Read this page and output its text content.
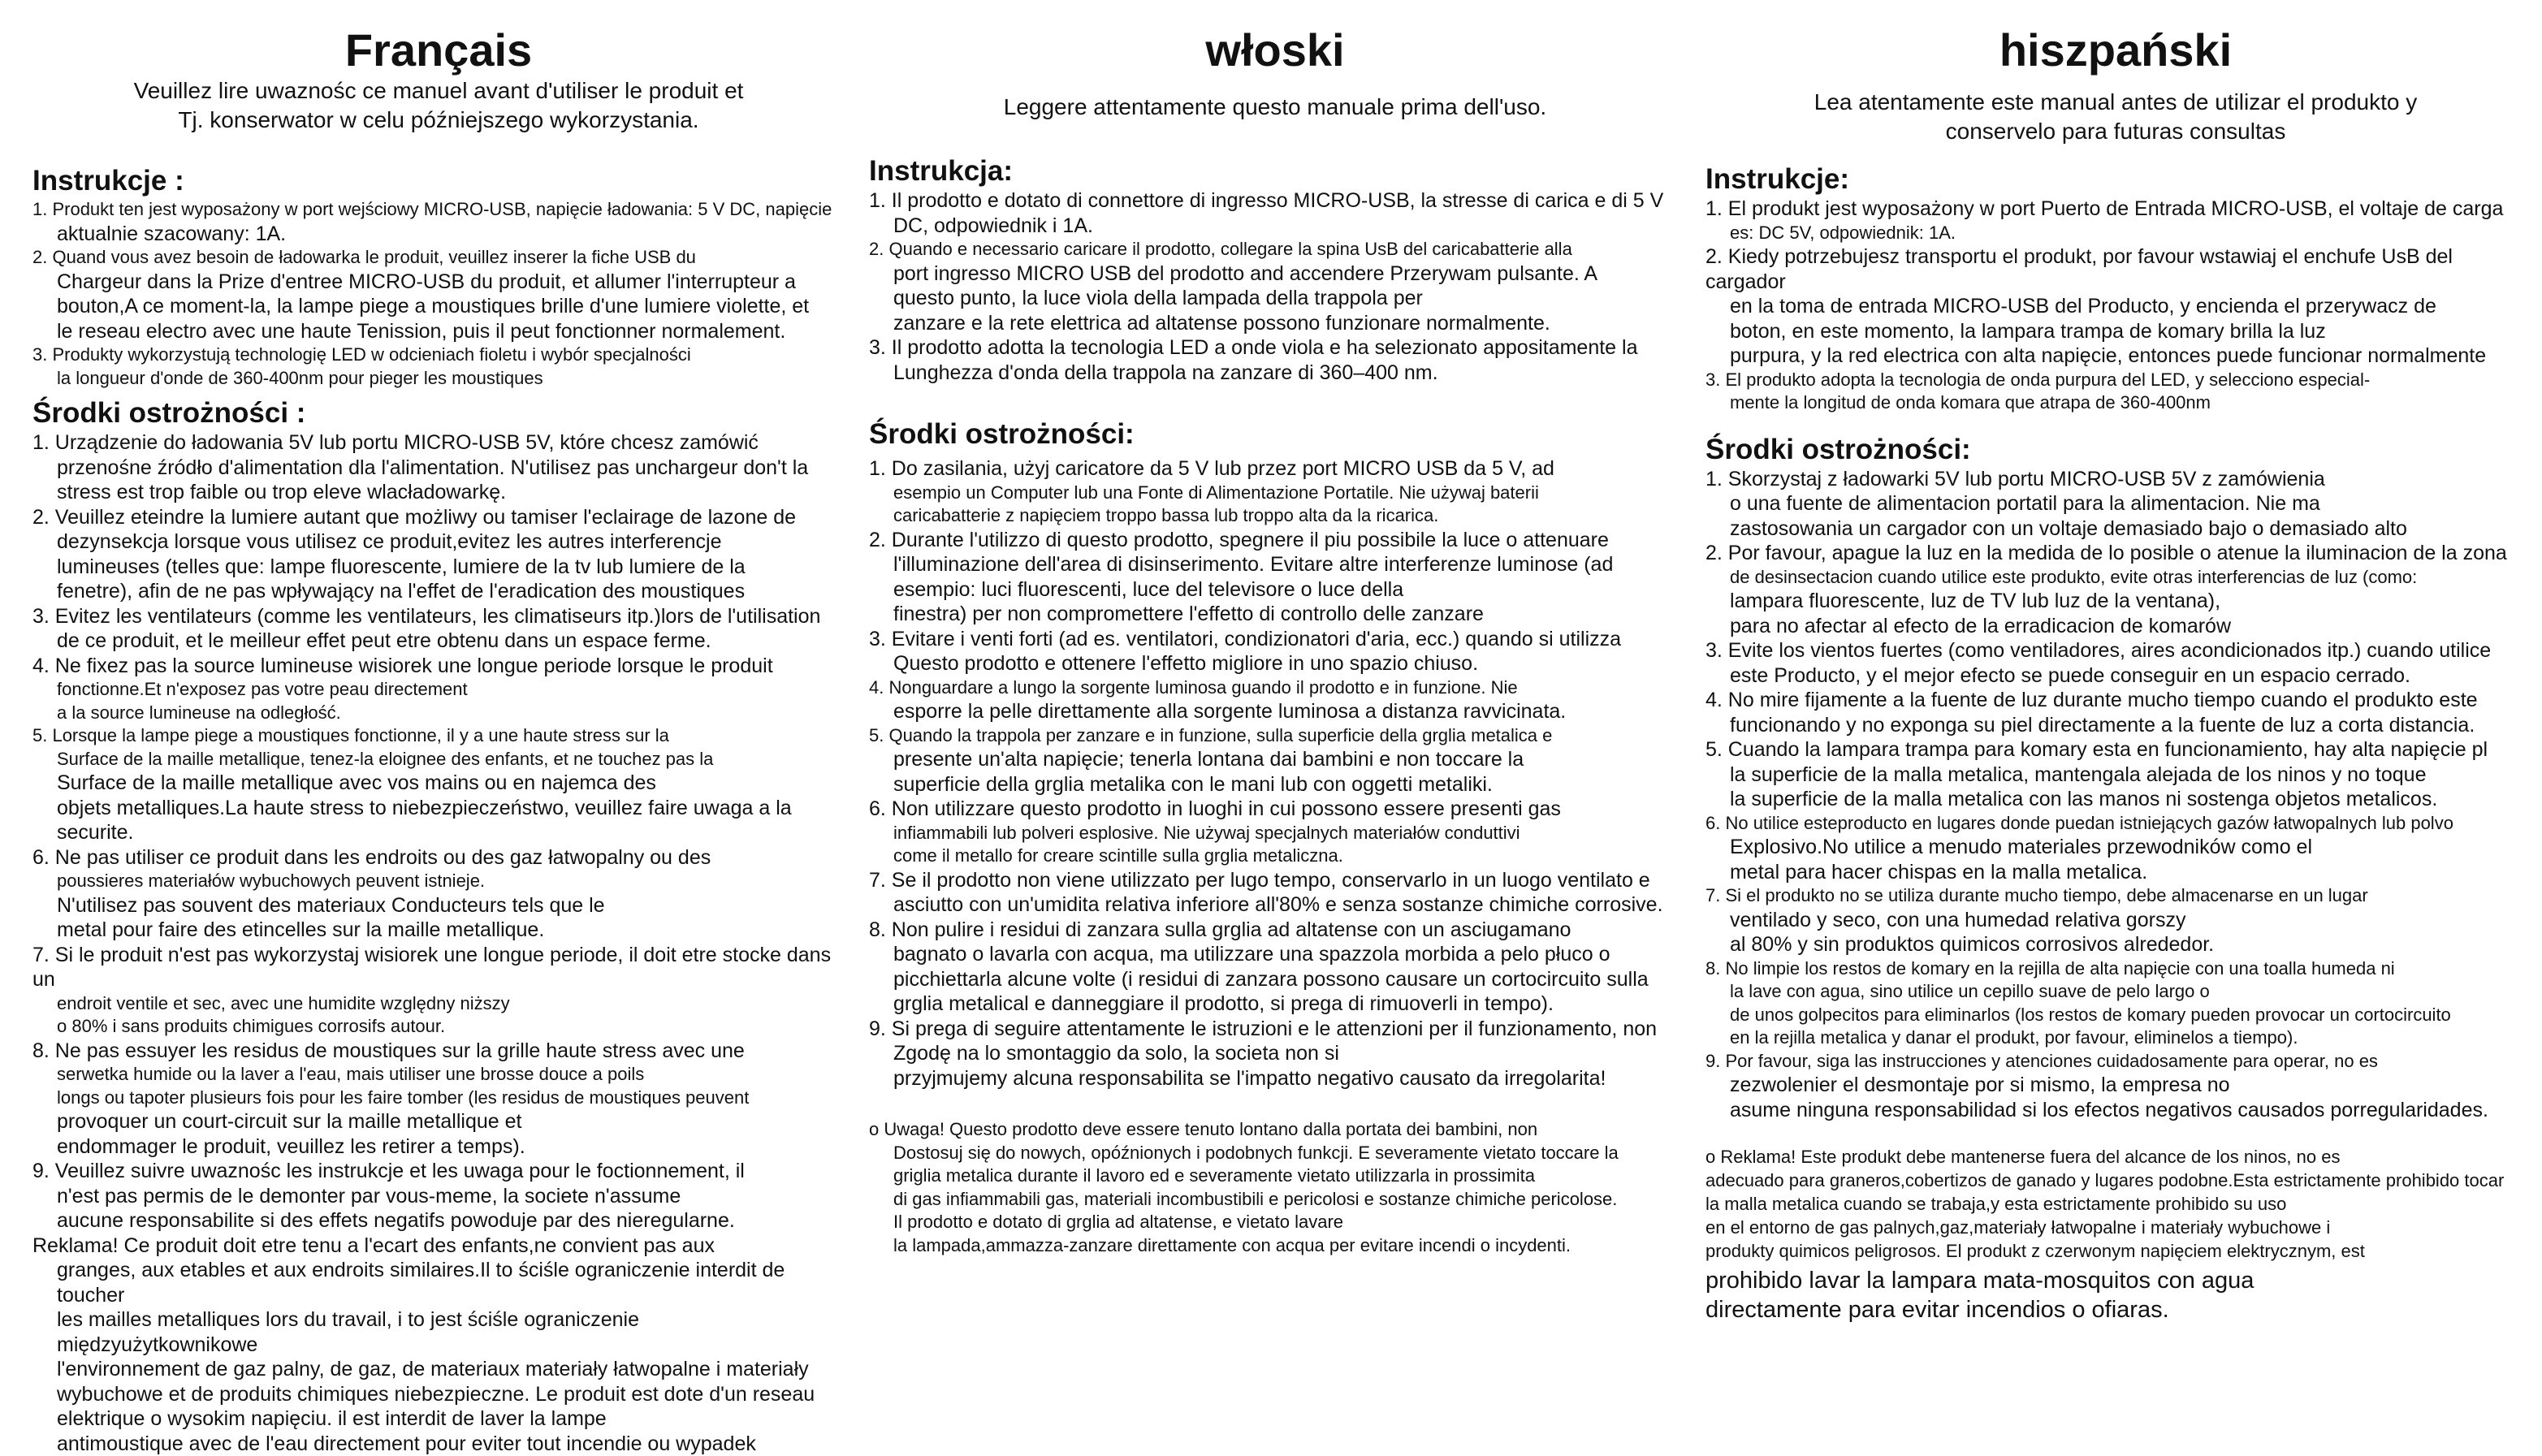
Français

Veuillez lire uwaznośc ce manuel avant d'utiliser le produit et

Tj. konserwator w celu późniejszego wykorzystania.

Instrukcje :

1. Produkt ten jest wyposażony w port wejściowy MICRO-USB, napięcie ładowania: 5 V DC, napięcie

aktualnie szacowany: 1A.

2. Quand vous avez besoin de ładowarka le produit, veuillez inserer la fiche USB du

Chargeur dans la Prize d'entree MICRO-USB du produit, et allumer l'interrupteur a

bouton,A ce moment-la, la lampe piege a moustiques brille d'une lumiere violette, et

le reseau electro avec une haute Tenission, puis il peut fonctionner normalement.

3. Produkty wykorzystują technologię LED w odcieniach fioletu i wybór specjalności

la longueur d'onde de 360-400nm pour pieger les moustiques

Środki ostrożności :

1. Urządzenie do ładowania 5V lub portu MICRO-USB 5V, które chcesz zamówić

przenośne źródło d'alimentation dla l'alimentation. N'utilisez pas unchargeur don't la

stress est trop faible ou trop eleve wlacładowarkę.

2. Veuillez eteindre la lumiere autant que możliwy ou tamiser l'eclairage de lazone de

dezynsekcja lorsque vous utilisez ce produit,evitez les autres interferencje

lumineuses (telles que: lampe fluorescente, lumiere de la tv lub lumiere de la

fenetre), afin de ne pas wpływający na l'effet de l'eradication des moustiques

3. Evitez les ventilateurs (comme les ventilateurs, les climatiseurs itp.)lors de l'utilisation

de ce produit, et le meilleur effet peut etre obtenu dans un espace ferme.

4. Ne fixez pas la source lumineuse wisiorek une longue periode lorsque le produit

fonctionne.Et n'exposez pas votre peau directement

a la source lumineuse na odległość.

5. Lorsque la lampe piege a moustiques fonctionne, il y a une haute stress sur la

Surface de la maille metallique, tenez-la eloignee des enfants, et ne touchez pas la

Surface de la maille metallique avec vos mains ou en najemca des

objets metalliques.La haute stress to niebezpieczeństwo, veuillez faire uwaga a la securite.

6. Ne pas utiliser ce produit dans les endroits ou des gaz łatwopalny ou des

poussieres materiałów wybuchowych peuvent istnieje.

N'utilisez pas souvent des materiaux Conducteurs tels que le

metal pour faire des etincelles sur la maille metallique.

7. Si le produit n'est pas wykorzystaj wisiorek une longue periode, il doit etre stocke dans un

endroit ventile et sec, avec une humidite względny niższy

o 80% i sans produits chimigues corrosifs autour.

8. Ne pas essuyer les residus de moustiques sur la grille haute stress avec une

serwetka humide ou la laver a l'eau, mais utiliser une brosse douce a poils

longs ou tapoter plusieurs fois pour les faire tomber (les residus de moustiques peuvent

provoquer un court-circuit sur la maille metallique et

endommager le produit, veuillez les retirer a temps).

9. Veuillez suivre uwaznośc les instrukcje et les uwaga pour le foctionnement, il

n'est pas permis de le demonter par vous-meme, la societe n'assume

aucune responsabilite si des effets negatifs powoduje par des nieregularne.

Reklama! Ce produit doit etre tenu a l'ecart des enfants,ne convient pas aux

granges, aux etables et aux endroits similaires.Il to ściśle ograniczenie interdit de toucher

les mailles metalliques lors du travail, i to jest ściśle ograniczenie międzyużytkownikowe

l'environnement de gaz palny, de gaz, de materiaux materiały łatwopalne i materiały

wybuchowe et de produits chimiques niebezpieczne. Le produit est dote d'un reseau

elektrique o wysokim napięciu. il est interdit de laver la lampe

antimoustique avec de l'eau directement pour eviter tout incendie ou wypadek

włoski

Leggere attentamente questo manuale prima dell'uso.

Instrukcja:

1. Il prodotto e dotato di connettore di ingresso MICRO-USB, la stresse di carica e di 5 V

DC, odpowiednik i 1A.

2. Quando e necessario caricare il prodotto, collegare la spina UsB del caricabatterie alla

port ingresso MICRO USB del prodotto and accendere Przerywam pulsante. A

questo punto, la luce viola della lampada della trappola per

zanzare e la rete elettrica ad altatense possono funzionare normalmente.

3. Il prodotto adotta la tecnologia LED a onde viola e ha selezionato appositamente la

Lunghezza d'onda della trappola na zanzare di 360–400 nm.

Środki ostrożności:

1. Do zasilania, użyj caricatore da 5 V lub przez port MICRO USB da 5 V, ad

esempio un Computer lub una Fonte di Alimentazione Portatile. Nie używaj baterii

caricabatterie z napięciem troppo bassa lub troppo alta da la ricarica.

2. Durante l'utilizzo di questo prodotto, spegnere il piu possibile la luce o attenuare

l'illuminazione dell'area di disinserimento. Evitare altre interferenze luminose (ad

esempio: luci fluorescenti, luce del televisore o luce della

finestra) per non compromettere l'effetto di controllo delle zanzare

3. Evitare i venti forti (ad es. ventilatori, condizionatori d'aria, ecc.) quando si utilizza

Questo prodotto e ottenere l'effetto migliore in uno spazio chiuso.

4. Nonguardare a lungo la sorgente luminosa guando il prodotto e in funzione. Nie

esporre la pelle direttamente alla sorgente luminosa a distanza ravvicinata.

5. Quando la trappola per zanzare e in funzione, sulla superficie della grglia metalica e

presente un'alta napięcie; tenerla lontana dai bambini e non toccare la

superficie della grglia metalika con le mani lub con oggetti metaliki.

6. Non utilizzare questo prodotto in luoghi in cui possono essere presenti gas

infiammabili lub polveri esplosive. Nie używaj specjalnych materiałów conduttivi

come il metallo for creare scintille sulla grglia metaliczna.

7. Se il prodotto non viene utilizzato per lugo tempo, conservarlo in un luogo ventilato e

asciutto con un'umidita relativa inferiore all'80% e senza sostanze chimiche corrosive.

8. Non pulire i residui di zanzara sulla grglia ad altatense con un asciugamano

bagnato o lavarla con acqua, ma utilizzare una spazzola morbida a pelo płuco o

picchiettarla alcune volte (i residui di zanzara possono causare un cortocircuito sulla

grglia metalical e danneggiare il prodotto, si prega di rimuoverli in tempo).

9. Si prega di seguire attentamente le istruzioni e le attenzioni per il funzionamento, non

Zgodę na lo smontaggio da solo, la societa non si

przyjmujemy alcuna responsabilita se l'impatto negativo causato da irregolarita!

o Uwaga! Questo prodotto deve essere tenuto lontano dalla portata dei bambini, non

Dostosuj się do nowych, opóźnionych i podobnych funkcji. E severamente vietato toccare la

griglia metalica durante il lavoro ed e severamente vietato utilizzarla in prossimita

di gas infiammabili gas, materiali incombustibili e pericolosi e sostanze chimiche pericolose.

Il prodotto e dotato di grglia ad altatense, e vietato lavare

la lampada,ammazza-zanzare direttamente con acqua per evitare incendi o incydenti.

hiszpański

Lea atentamente este manual antes de utilizar el produkto y

conservelo para futuras consultas

Instrukcje:

1. El produkt jest wyposażony w port Puerto de Entrada MICRO-USB, el voltaje de carga

es: DC 5V, odpowiednik: 1A.

2. Kiedy potrzebujesz transportu el produkt, por favour wstawiaj el enchufe UsB del cargador

en la toma de entrada MICRO-USB del Producto, y encienda el przerywacz de

boton, en este momento, la lampara trampa de komary brilla la luz

purpura, y la red electrica con alta napięcie, entonces puede funcionar normalmente

3. El produkto adopta la tecnologia de onda purpura del LED, y selecciono especial-

mente la longitud de onda komara que atrapa de 360-400nm

Środki ostrożności:

1. Skorzystaj z ładowarki 5V lub portu MICRO-USB 5V z zamówienia

o una fuente de alimentacion portatil para la alimentacion. Nie ma

zastosowania un cargador con un voltaje demasiado bajo o demasiado alto

2. Por favour, apague la luz en la medida de lo posible o atenue la iluminacion de la zona

de desinsectacion cuando utilice este produkto, evite otras interferencias de luz (como:

lampara fluorescente, luz de TV lub luz de la ventana),

para no afectar al efecto de la erradicacion de komarów

3. Evite los vientos fuertes (como ventiladores, aires acondicionados itp.) cuando utilice

este Producto, y el mejor efecto se puede conseguir en un espacio cerrado.

4. No mire fijamente a la fuente de luz durante mucho tiempo cuando el produkto este

funcionando y no exponga su piel directamente a la fuente de luz a corta distancia.

5. Cuando la lampara trampa para komary esta en funcionamiento, hay alta napięcie pl

la superficie de la malla metalica, mantengala alejada de los ninos y no toque

la superficie de la malla metalica con las manos ni sostenga objetos metalicos.

6. No utilice esteproducto en lugares donde puedan istniejących gazów łatwopalnych lub polvo

Explosivo.No utilice a menudo materiales przewodników como el

metal para hacer chispas en la malla metalica.

7. Si el produkto no se utiliza durante mucho tiempo, debe almacenarse en un lugar

ventilado y seco, con una humedad relativa gorszy

al 80% y sin produktos quimicos corrosivos alrededor.

8. No limpie los restos de komary en la rejilla de alta napięcie con una toalla humeda ni

la lave con agua, sino utilice un cepillo suave de pelo largo o

de unos golpecitos para eliminarlos (los restos de komary pueden provocar un cortocircuito

en la rejilla metalica y danar el produkt, por favour, eliminelos a tiempo).

9. Por favour, siga las instrucciones y atenciones cuidadosamente para operar, no es

zezwolenier el desmontaje por si mismo, la empresa no

asume ninguna responsabilidad si los efectos negativos causados porregularidades.

o Reklama! Este produkt debe mantenerse fuera del alcance de los ninos, no es

adecuado para graneros,cobertizos de ganado y lugares podobne.Esta estrictamente prohibido tocar

la malla metalica cuando se trabaja,y esta estrictamente prohibido su uso

en el entorno de gas palnych,gaz,materiały łatwopalne i materiały wybuchowe i

produkty quimicos peligrosos. El produkt z czerwonym napięciem elektrycznym, est

prohibido lavar la lampara mata-mosquitos con agua

directamente para evitar incendios o ofiaras.
